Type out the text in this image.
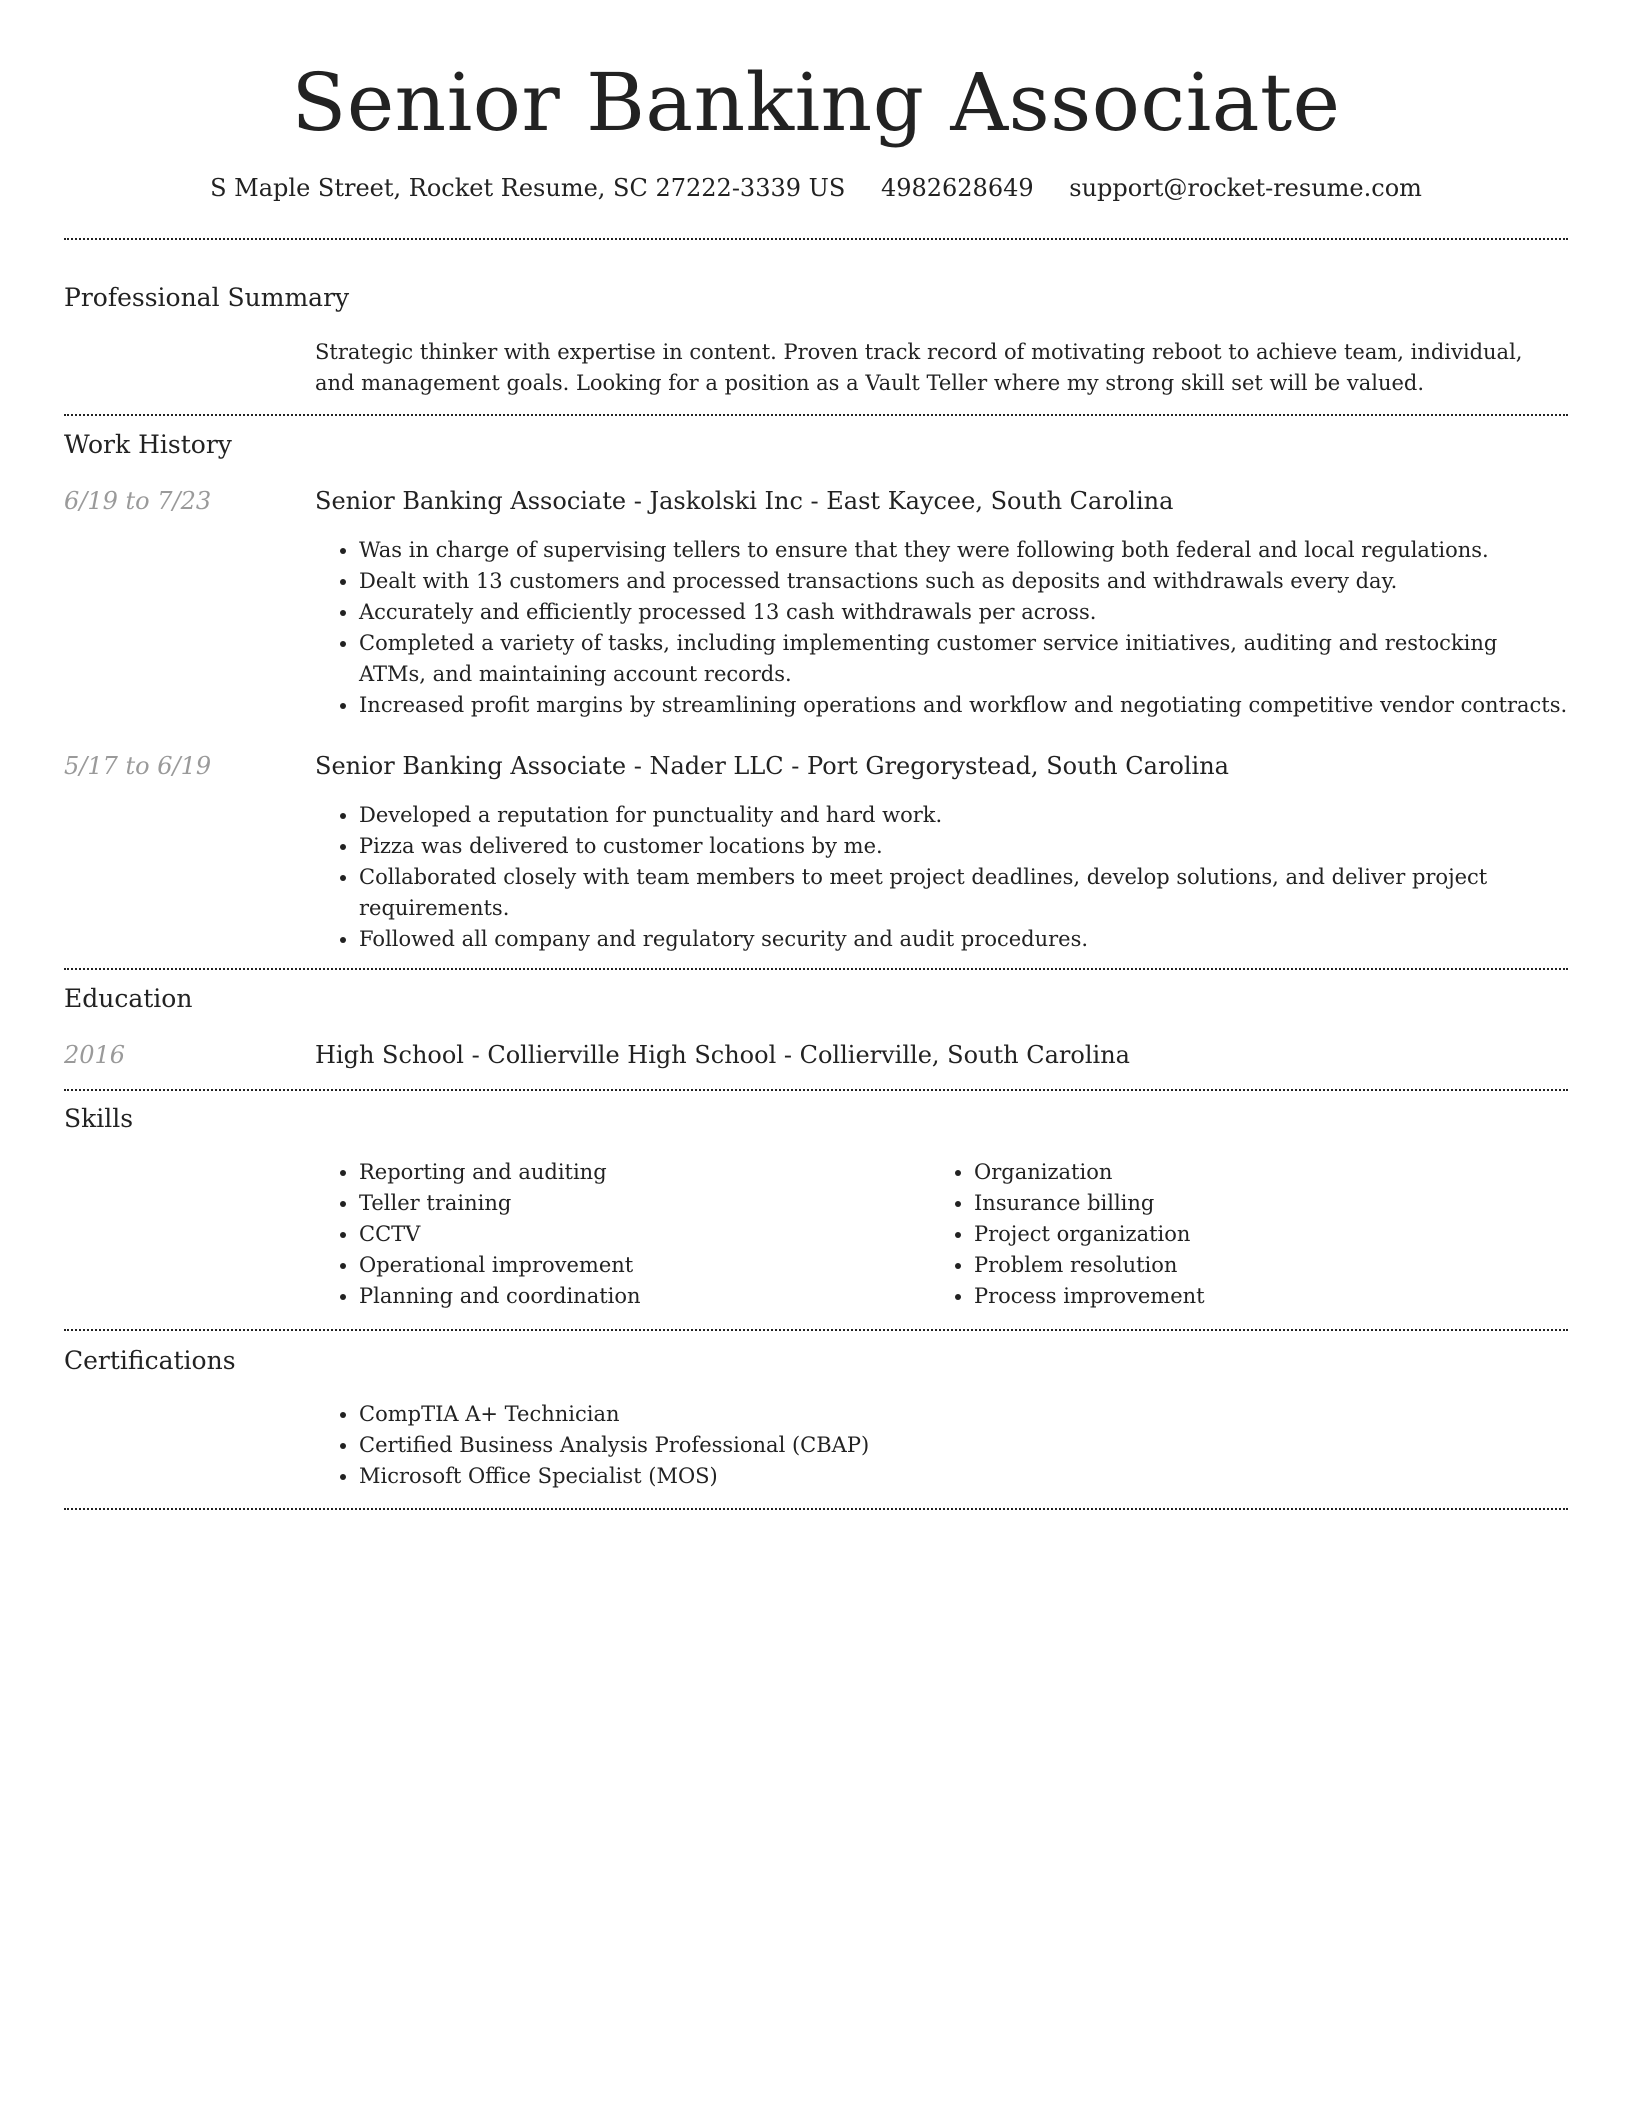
Senior Banking Associate
S Maple Street, Rocket Resume, SC 27222-3339 US 4982628649 support@rocket-resume.com
Professional Summary
Strategic thinker with expertise in content. Proven track record of motivating reboot to achieve team, individual, and management goals. Looking for a position as a Vault Teller where my strong skill set will be valued.
Work History
6/19 to 7/23	Senior Banking Associate - Jaskolski Inc - East Kaycee, South Carolina
• Was in charge of supervising tellers to ensure that they were following both federal and local regulations.
• Dealt with 13 customers and processed transactions such as deposits and withdrawals every day.
• Accurately and efficiently processed 13 cash withdrawals per across.
• Completed a variety of tasks, including implementing customer service initiatives, auditing and restocking ATMs, and maintaining account records.
• Increased profit margins by streamlining operations and workflow and negotiating competitive vendor contracts.
5/17 to 6/19	Senior Banking Associate - Nader LLC - Port Gregorystead, South Carolina
• Developed a reputation for punctuality and hard work.
• Pizza was delivered to customer locations by me.
• Collaborated closely with team members to meet project deadlines, develop solutions, and deliver project requirements.
• Followed all company and regulatory security and audit procedures.
Education
2016	High School - Collierville High School - Collierville, South Carolina
Skills
• Reporting and auditing
• Teller training
• CCTV
• Operational improvement
• Planning and coordination
• Organization
• Insurance billing
• Project organization
• Problem resolution
• Process improvement
Certifications
• CompTIA A+ Technician
• Certified Business Analysis Professional (CBAP)
• Microsoft Office Specialist (MOS)
